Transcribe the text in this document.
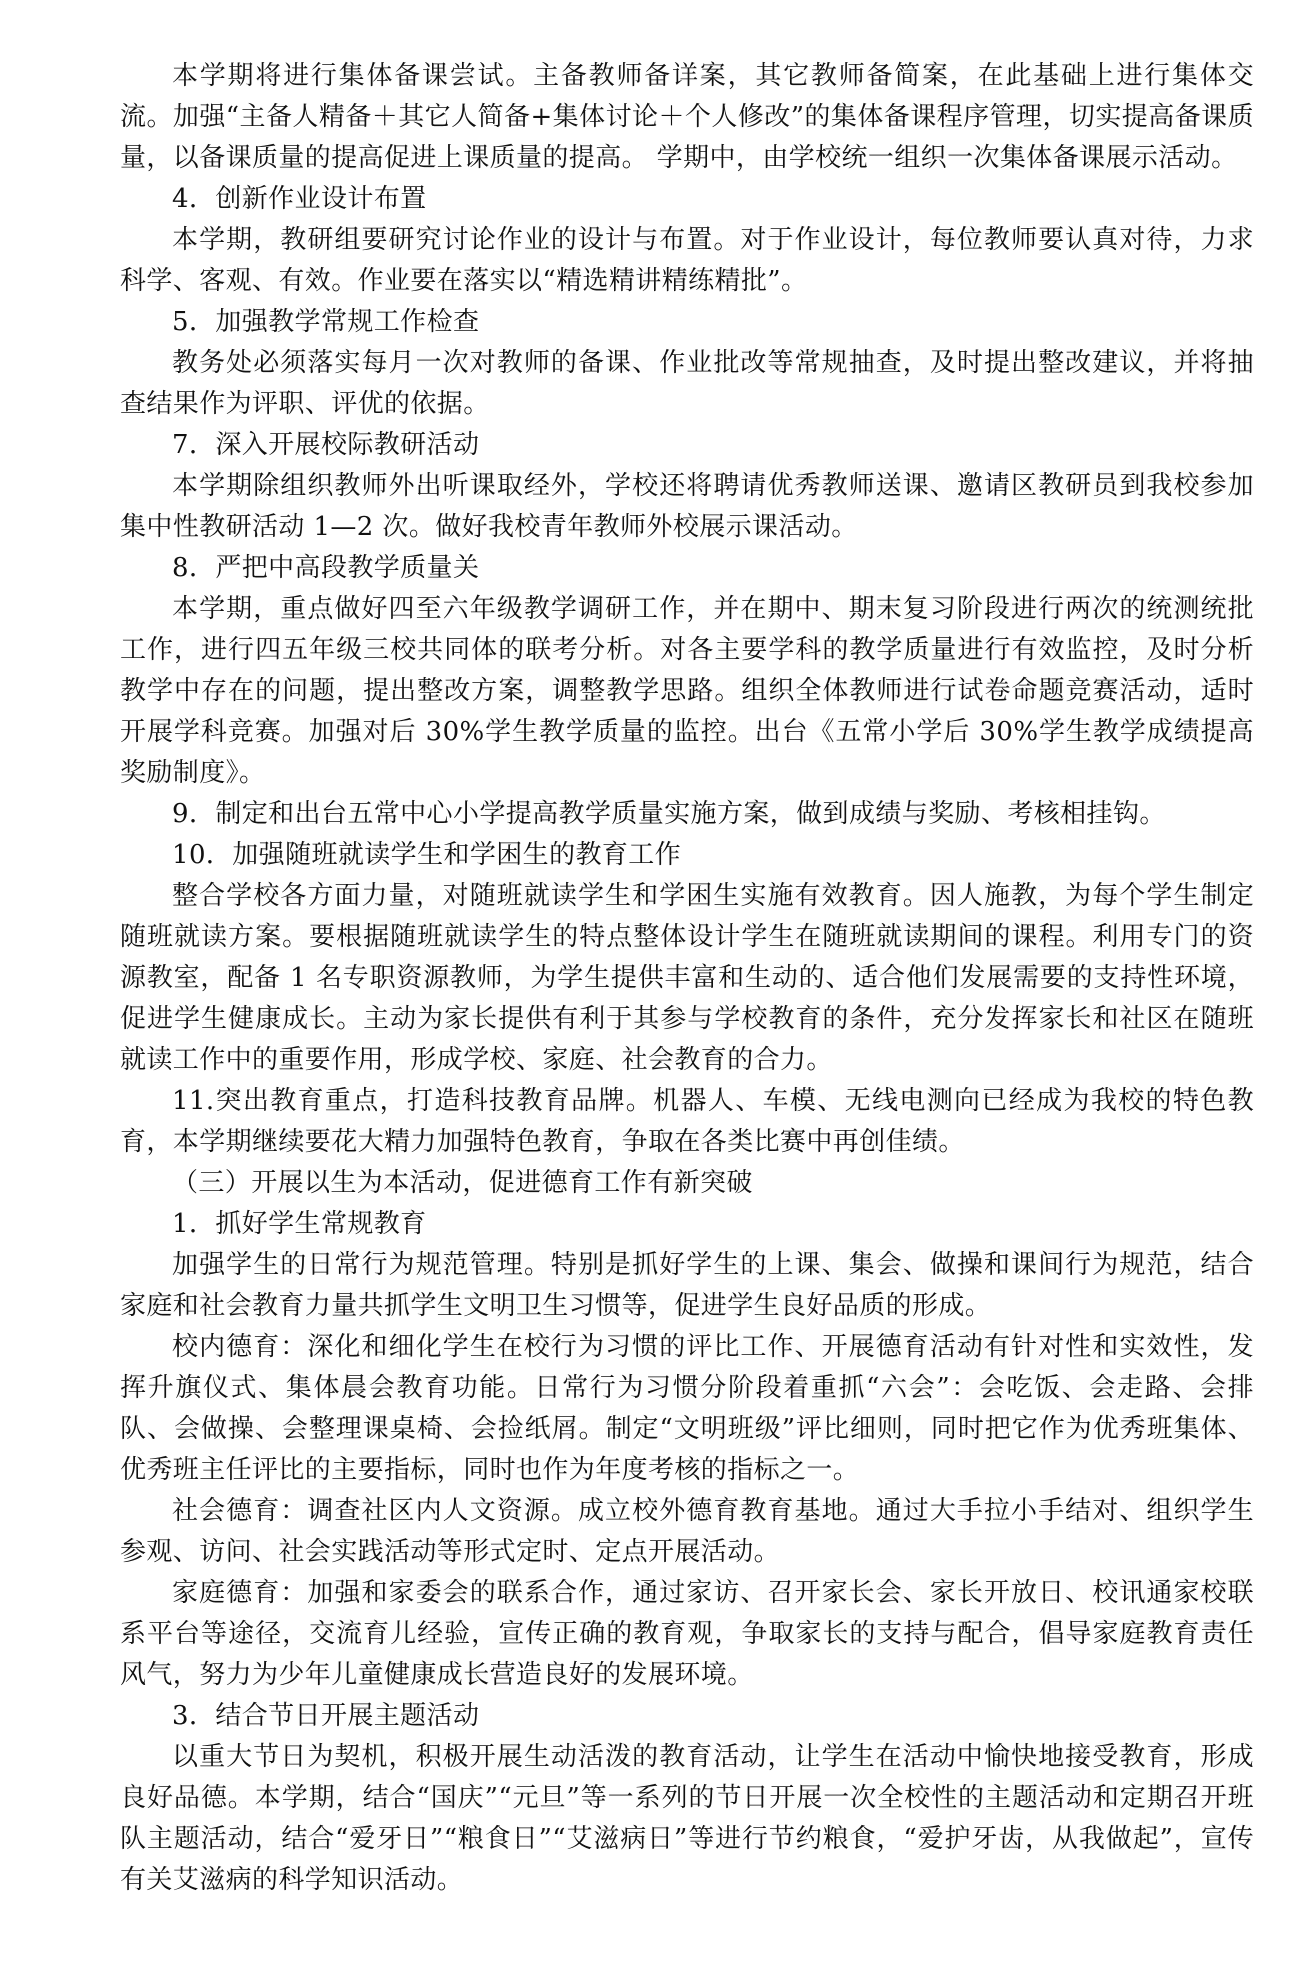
本学期将进行集体备课尝试。主备教师备详案，其它教师备简案，在此基础上进行集体交流。加强“主备人精备＋其它人简备+集体讨论＋个人修改”的集体备课程序管理，切实提高备课质量，以备课质量的提高促进上课质量的提高。 学期中，由学校统一组织一次集体备课展示活动。

4．创新作业设计布置

本学期，教研组要研究讨论作业的设计与布置。对于作业设计，每位教师要认真对待，力求科学、客观、有效。作业要在落实以“精选精讲精练精批”。

5．加强教学常规工作检查

教务处必须落实每月一次对教师的备课、作业批改等常规抽查，及时提出整改建议，并将抽查结果作为评职、评优的依据。

7．深入开展校际教研活动

本学期除组织教师外出听课取经外，学校还将聘请优秀教师送课、邀请区教研员到我校参加集中性教研活动 1—2 次。做好我校青年教师外校展示课活动。

8．严把中高段教学质量关

本学期，重点做好四至六年级教学调研工作，并在期中、期末复习阶段进行两次的统测统批工作，进行四五年级三校共同体的联考分析。对各主要学科的教学质量进行有效监控，及时分析教学中存在的问题，提出整改方案，调整教学思路。组织全体教师进行试卷命题竞赛活动，适时开展学科竞赛。加强对后 30%学生教学质量的监控。出台《五常小学后 30%学生教学成绩提高奖励制度》。

9．制定和出台五常中心小学提高教学质量实施方案，做到成绩与奖励、考核相挂钩。

10．加强随班就读学生和学困生的教育工作

整合学校各方面力量，对随班就读学生和学困生实施有效教育。因人施教，为每个学生制定随班就读方案。要根据随班就读学生的特点整体设计学生在随班就读期间的课程。利用专门的资源教室，配备 1 名专职资源教师，为学生提供丰富和生动的、适合他们发展需要的支持性环境，促进学生健康成长。主动为家长提供有利于其参与学校教育的条件，充分发挥家长和社区在随班就读工作中的重要作用，形成学校、家庭、社会教育的合力。

11.突出教育重点，打造科技教育品牌。机器人、车模、无线电测向已经成为我校的特色教育，本学期继续要花大精力加强特色教育，争取在各类比赛中再创佳绩。

（三）开展以生为本活动，促进德育工作有新突破

1．抓好学生常规教育

加强学生的日常行为规范管理。特别是抓好学生的上课、集会、做操和课间行为规范，结合家庭和社会教育力量共抓学生文明卫生习惯等，促进学生良好品质的形成。

校内德育：深化和细化学生在校行为习惯的评比工作、开展德育活动有针对性和实效性，发挥升旗仪式、集体晨会教育功能。日常行为习惯分阶段着重抓“六会”：会吃饭、会走路、会排队、会做操、会整理课桌椅、会捡纸屑。制定“文明班级”评比细则，同时把它作为优秀班集体、优秀班主任评比的主要指标，同时也作为年度考核的指标之一。

社会德育：调查社区内人文资源。成立校外德育教育基地。通过大手拉小手结对、组织学生参观、访问、社会实践活动等形式定时、定点开展活动。

家庭德育：加强和家委会的联系合作，通过家访、召开家长会、家长开放日、校讯通家校联系平台等途径，交流育儿经验，宣传正确的教育观，争取家长的支持与配合，倡导家庭教育责任风气，努力为少年儿童健康成长营造良好的发展环境。

3．结合节日开展主题活动

以重大节日为契机，积极开展生动活泼的教育活动，让学生在活动中愉快地接受教育，形成良好品德。本学期，结合“国庆”“元旦”等一系列的节日开展一次全校性的主题活动和定期召开班队主题活动，结合“爱牙日”“粮食日”“艾滋病日”等进行节约粮食，“爱护牙齿，从我做起”，宣传有关艾滋病的科学知识活动。
